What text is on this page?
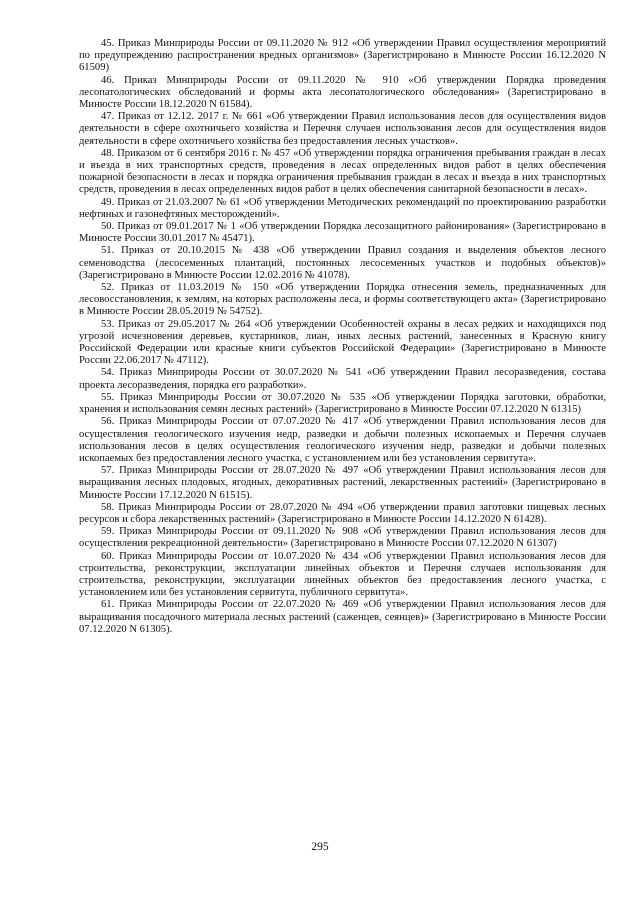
45. Приказ Минприроды России от 09.11.2020 № 912 «Об утверждении Правил осуществления мероприятий по предупреждению распространения вредных организмов» (Зарегистрировано в Минюсте России 16.12.2020 N 61509)

46. Приказ Минприроды России от 09.11.2020 № 910 «Об утверждении Порядка проведения лесопатологических обследований и формы акта лесопатологического обследования» (Зарегистрировано в Минюсте России 18.12.2020 N 61584).

47. Приказ от 12.12. 2017 г. № 661 «Об утверждении Правил использования лесов для осуществления видов деятельности в сфере охотничьего хозяйства и Перечня случаев использования лесов для осуществления видов деятельности в сфере охотничьего хозяйства без предоставления лесных участков».

48. Приказом от 6 сентября 2016 г. № 457 «Об утверждении порядка ограничения пребывания граждан в лесах и въезда в них транспортных средств, проведения в лесах определенных видов работ в целях обеспечения пожарной безопасности в лесах и порядка ограничения пребывания граждан в лесах и въезда в них транспортных средств, проведения в лесах определенных видов работ в целях обеспечения санитарной безопасности в лесах».

49. Приказ от 21.03.2007 № 61 «Об утверждении Методических рекомендаций по проектированию разработки нефтяных и газонефтяных месторождений».

50. Приказ от 09.01.2017 № 1 «Об утверждении Порядка лесозащитного районирования» (Зарегистрировано в Минюсте России 30.01.2017 № 45471).

51. Приказ от 20.10.2015 № 438 «Об утверждении Правил создания и выделения объектов лесного семеноводства (лесосеменных плантаций, постоянных лесосеменных участков и подобных объектов)» (Зарегистрировано в Минюсте России 12.02.2016 № 41078).

52. Приказ от 11.03.2019 № 150 «Об утверждении Порядка отнесения земель, предназначенных для лесовосстановления, к землям, на которых расположены леса, и формы соответствующего акта» (Зарегистрировано в Минюсте России 28.05.2019 № 54752).

53. Приказ от 29.05.2017 № 264 «Об утверждении Особенностей охраны в лесах редких и находящихся под угрозой исчезновения деревьев, кустарников, лиан, иных лесных растений, занесенных в Красную книгу Российской Федерации или красные книги субъектов Российской Федерации» (Зарегистрировано в Минюсте России 22.06.2017 № 47112).

54. Приказ Минприроды России от 30.07.2020 № 541 «Об утверждении Правил лесоразведения, состава проекта лесоразведения, порядка его разработки».

55. Приказ Минприроды России от 30.07.2020 № 535 «Об утверждении Порядка заготовки, обработки, хранения и использования семян лесных растений» (Зарегистрировано в Минюсте России 07.12.2020 N 61315)

56. Приказ Минприроды России от 07.07.2020 № 417 «Об утверждении Правил использования лесов для осуществления геологического изучения недр, разведки и добычи полезных ископаемых и Перечня случаев использования лесов в целях осуществления геологического изучения недр, разведки и добычи полезных ископаемых без предоставления лесного участка, с установлением или без установления сервитута».

57. Приказ Минприроды России от 28.07.2020 № 497 «Об утверждении Правил использования лесов для выращивания лесных плодовых, ягодных, декоративных растений, лекарственных растений» (Зарегистрировано в Минюсте России 17.12.2020 N 61515).

58. Приказ Минприроды России от 28.07.2020 № 494 «Об утверждении правил заготовки пищевых лесных ресурсов и сбора лекарственных растений» (Зарегистрировано в Минюсте России 14.12.2020 N 61428).

59. Приказ Минприроды России от 09.11.2020 № 908 «Об утверждении Правил использования лесов для осуществления рекреационной деятельности» (Зарегистрировано в Минюсте России 07.12.2020 N 61307)

60. Приказ Минприроды России от 10.07.2020 № 434 «Об утверждении Правил использования лесов для строительства, реконструкции, эксплуатации линейных объектов и Перечня случаев использования для строительства, реконструкции, эксплуатации линейных объектов без предоставления лесного участка, с установлением или без установления сервитута, публичного сервитута».

61. Приказ Минприроды России от 22.07.2020 № 469 «Об утверждении Правил использования лесов для выращивания посадочного материала лесных растений (саженцев, сеянцев)» (Зарегистрировано в Минюсте России 07.12.2020 N 61305).

295
